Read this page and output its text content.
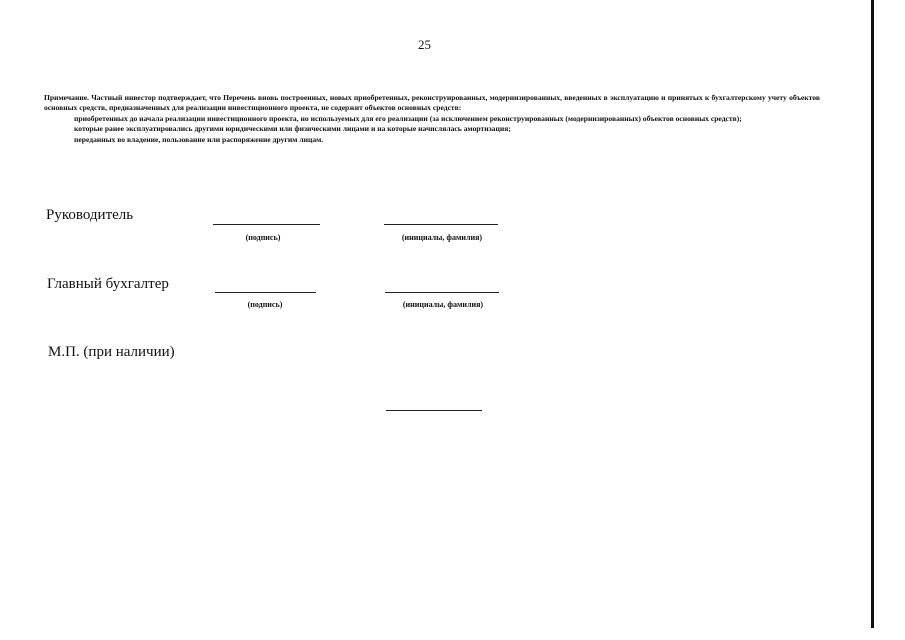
25

Примечание. Частный инвестор подтверждает, что Перечень вновь построенных, новых приобретенных, реконструированных, модернизированных, введенных в эксплуатацию и принятых к бухгалтерскому учету объектов основных средств, предназначенных для реализации инвестиционного проекта, не содержит объектов основных средств:

приобретенных до начала реализации инвестиционного проекта, но используемых для его реализации (за исключением реконструированных (модернизированных) объектов основных средств);

которые ранее эксплуатировались другими юридическими или физическими лицами и на которые начислялась амортизация;

переданных во владение, пользование или распоряжение другим лицам.

Руководитель
(подпись)	(инициалы, фамилия)
Главный бухгалтер
(подпись)	(инициалы, фамилия)
М.П. (при наличии)
